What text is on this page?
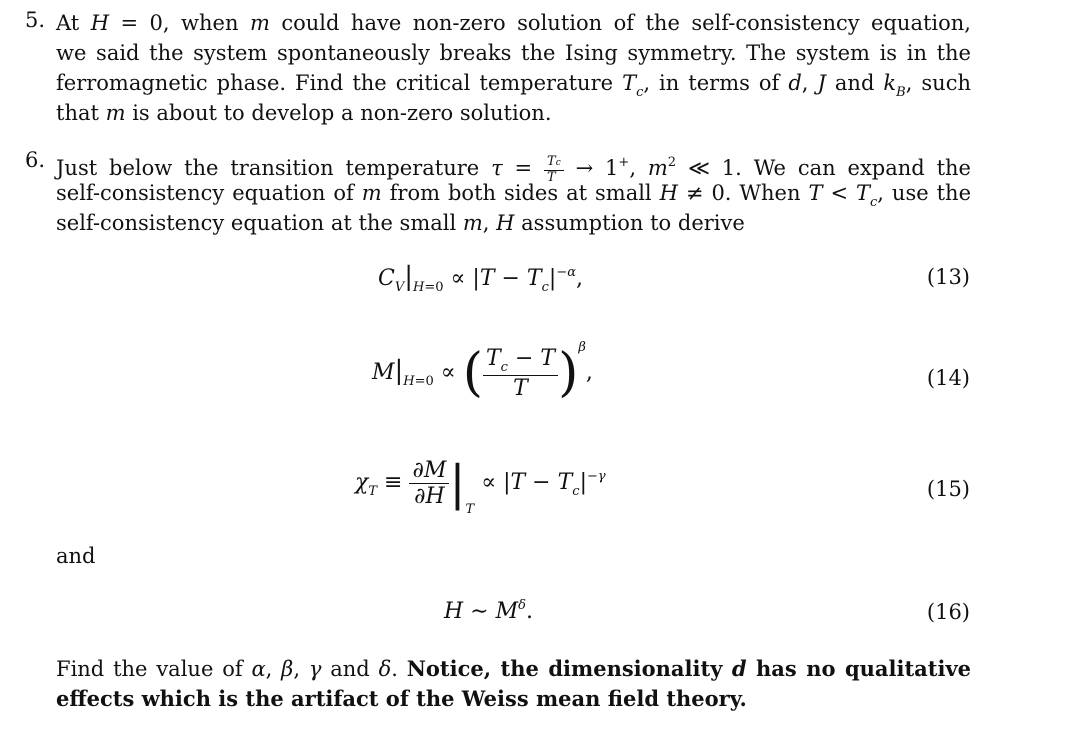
5. At H = 0, when m could have non-zero solution of the self-consistency equation,
we said the system spontaneously breaks the Ising symmetry. The system is in the
ferromagnetic phase. Find the critical temperature $T_c$, in terms of d, J and $k_B$, such
that m is about to develop a non-zero solution.
6. Just below the transition temperature $\tau = \frac{Tc}{T} \to 1^+$, $m^2$ ≪ 1. We can expand the
self-consistency equation of m from both sides at small H ≠ 0. When $T < T_c$, use the
self-consistency equation at the small m, H assumption to derive
$C_V|_{H=0} \propto |T - T_c|^{-\alpha}$,	(13)
$M|_{H=0}$ ∝ ( $\frac{T_c - T}{T} )^\beta$,	(14)
$\chi_T \equiv \frac{\partial M}{\partial H} |_T \propto |T - T_c|^{-\gamma}$
(15)
and
H ∼ $M^\delta$.	(16)
Find the value of α, β, γ and δ. Notice, the dimensionality d has no qualitative
effects which is the artifact of the Weiss mean field theory.
